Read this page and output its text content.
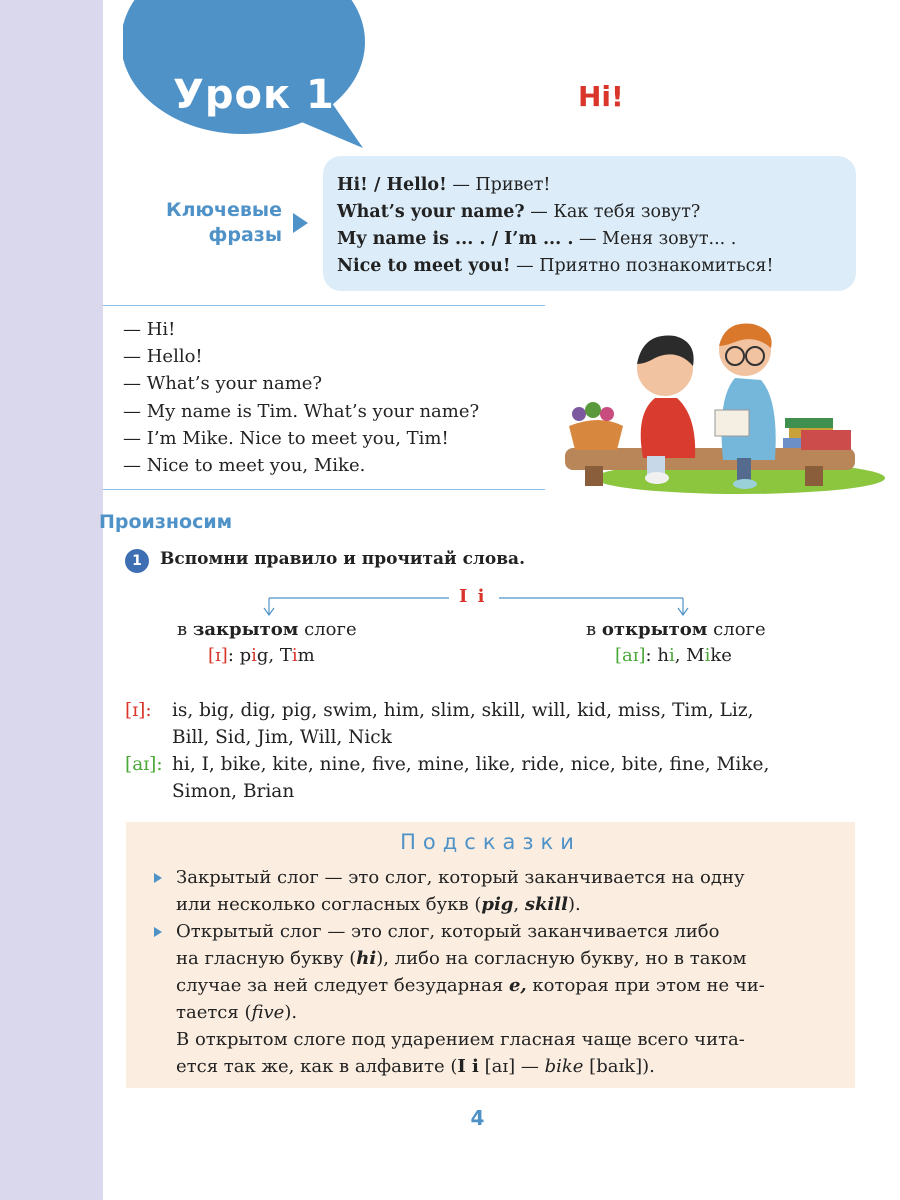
Урок 1	Hi!
Ключевые
фразы
Hi! / Hello! — Привет!
What’s your name? — Как тебя зовут?
My name is ... . / I’m ... . — Меня зовут... .
Nice to meet you! — Приятно познакомиться!
— Hi!
— Hello!
— What’s your name?
— My name is Tim. What’s your name?
— I’m Mike. Nice to meet you, Tim!
— Nice to meet you, Mike.
Произносим
1	Вспомни правило и прочитай слова.
I i
в закрытом слоге
[ɪ]: pig, Tim
в открытом слоге
[aɪ]: hi, Mike
[ɪ]: is, big, dig, pig, swim, him, slim, skill, will, kid, miss, Tim, Liz,
Bill, Sid, Jim, Will, Nick
[aɪ]: hi, I, bike, kite, nine, five, mine, like, ride, nice, bite, fine, Mike,
Simon, Brian
Подсказки
Закрытый слог — это слог, который заканчивается на одну
или несколько согласных букв (pig, skill).
Открытый слог — это слог, который заканчивается либо
на гласную букву (hi), либо на согласную букву, но в таком
случае за ней следует безударная e, которая при этом не чи-
тается (five).
В открытом слоге под ударением гласная чаще всего чита-
ется так же, как в алфавите (I i [aɪ] — bike [baɪk]).
4
